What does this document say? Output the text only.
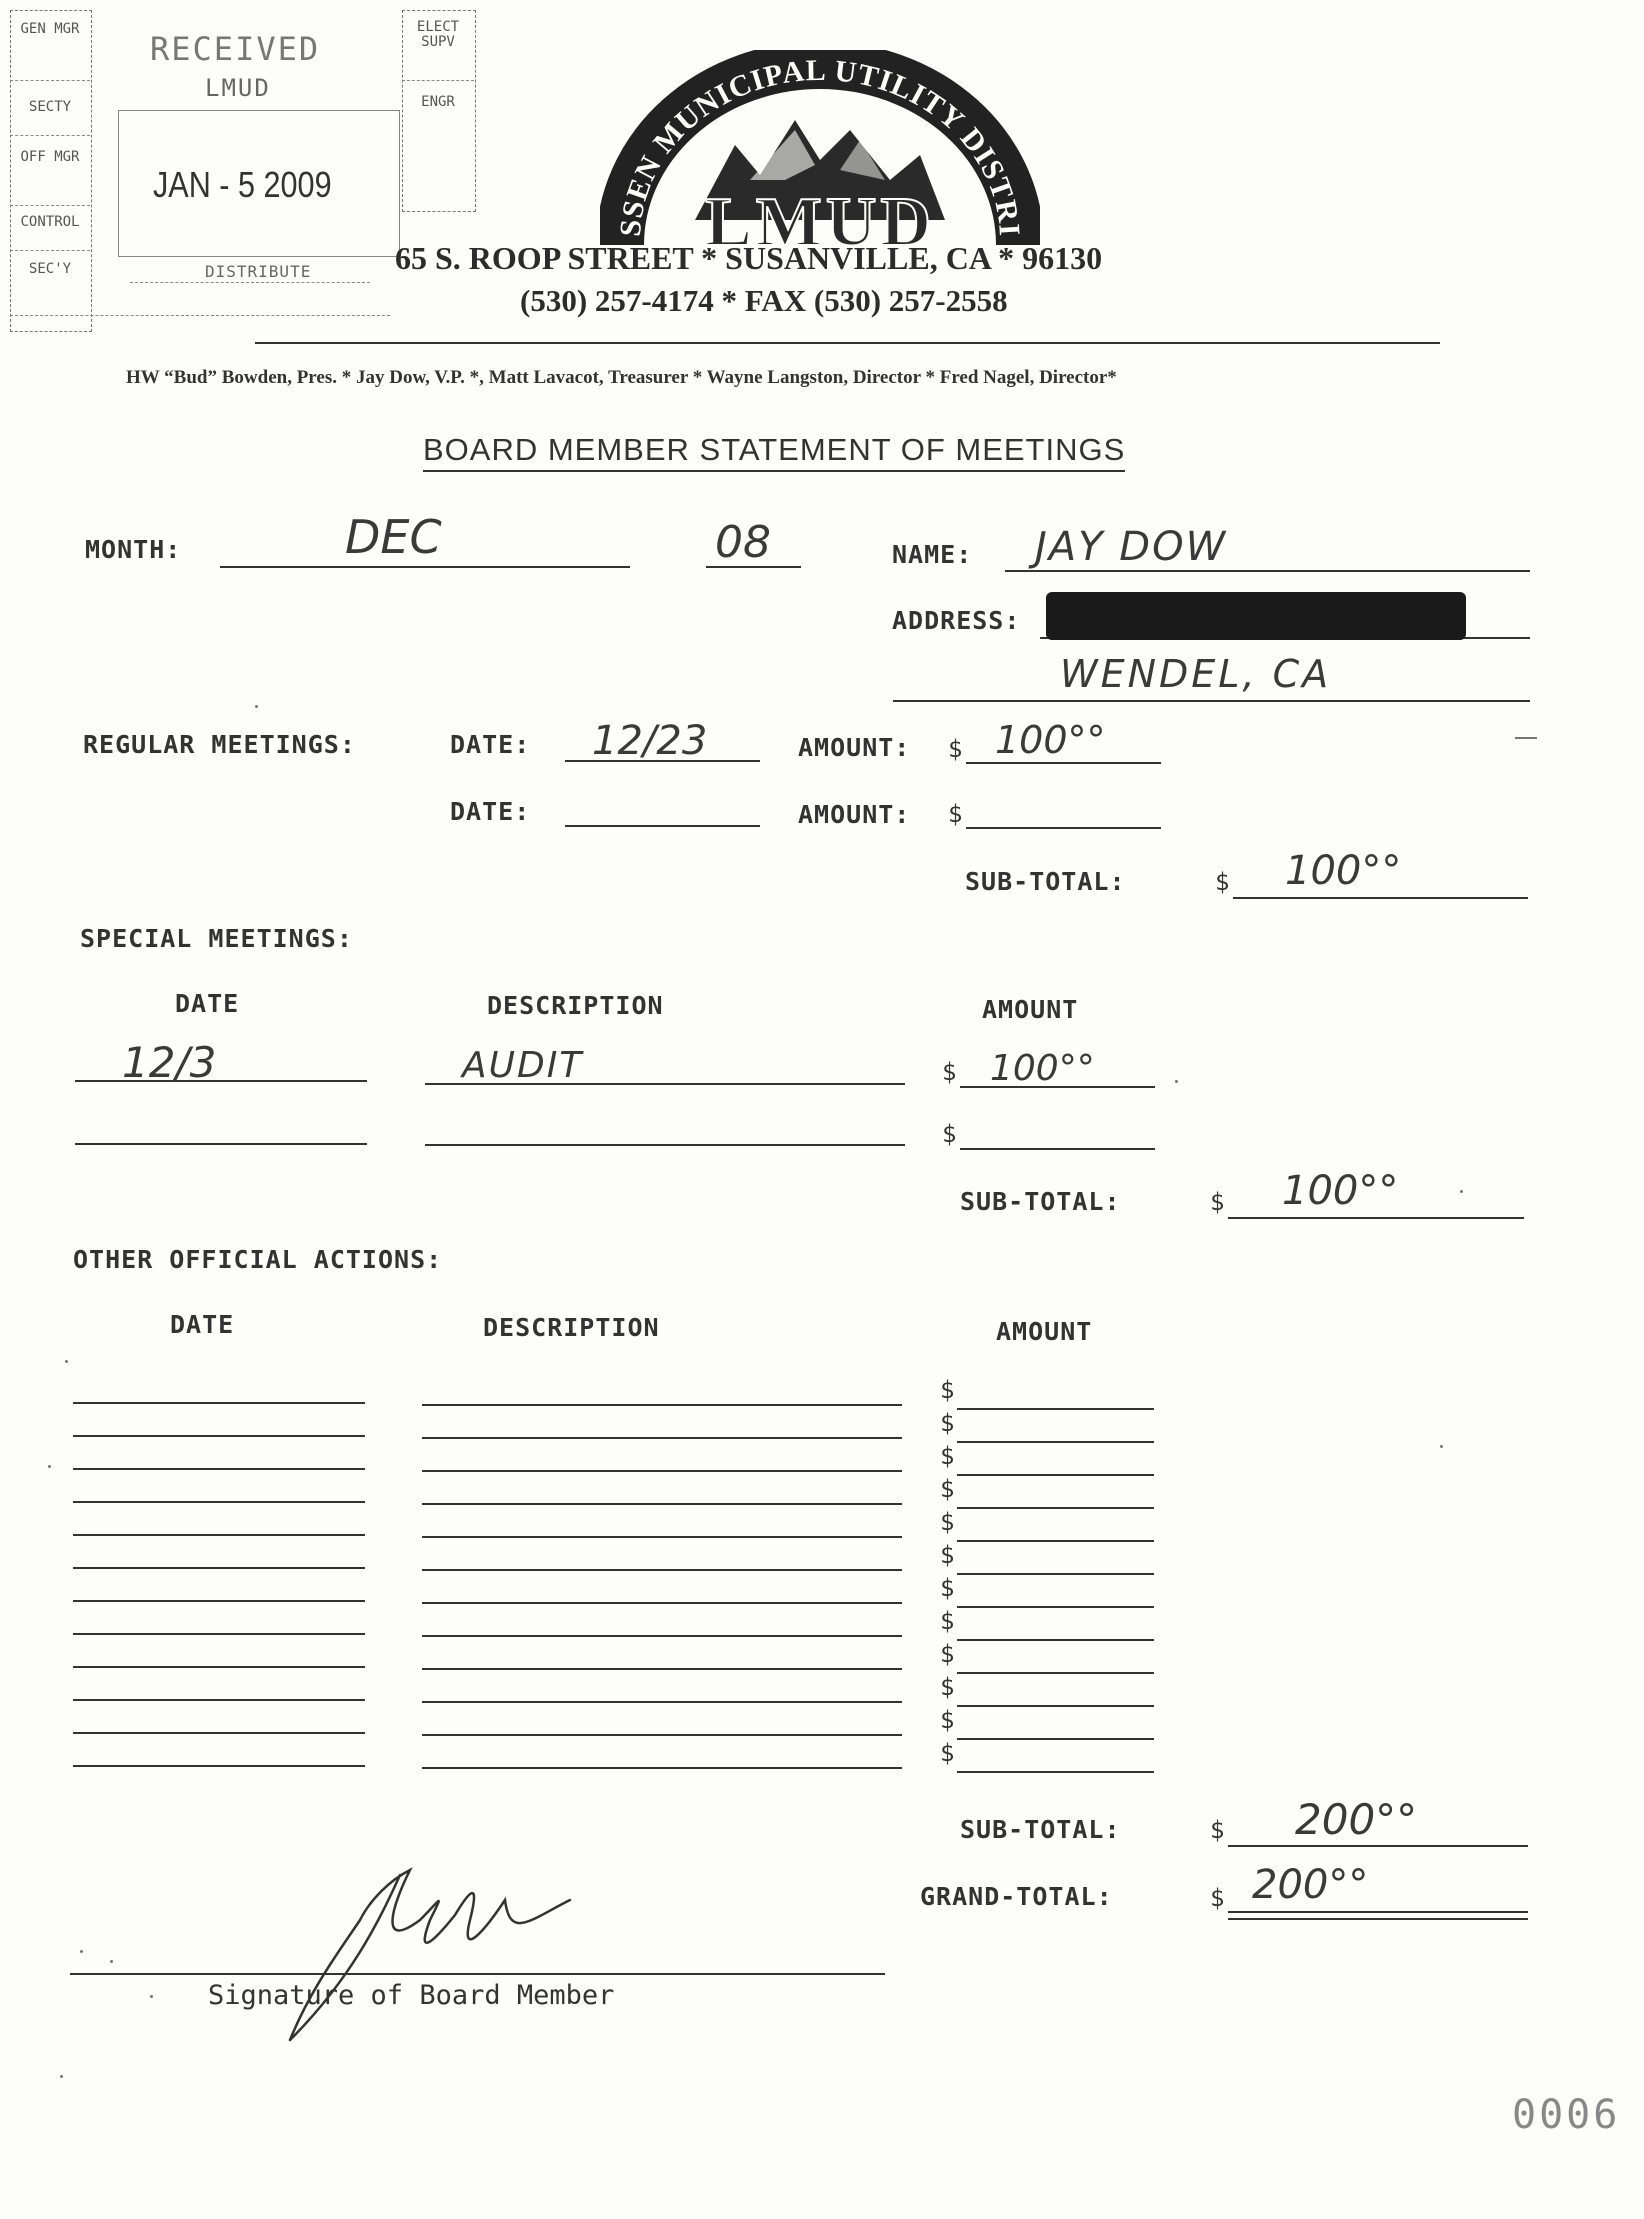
GEN MGR
SECTY
OFF MGR
CONTROL
SEC'Y
RECEIVED
LMUD
JAN - 5 2009
DISTRIBUTE
ELECT SUPV
ENGR
SSEN MUNICIPAL UTILITY DISTRI
LMUD
65 S. ROOP STREET * SUSANVILLE, CA * 96130
(530) 257-4174 * FAX (530) 257-2558
HW “Bud” Bowden, Pres. * Jay Dow, V.P. *, Matt Lavacot, Treasurer * Wayne Langston, Director * Fred Nagel, Director*
BOARD MEMBER STATEMENT OF MEETINGS
MONTH:	DEC	08	NAME: JAY DOW
ADDRESS:
WENDEL, CA
REGULAR MEETINGS:	DATE: 12/23	AMOUNT: $ 100°°
DATE:	AMOUNT: $
SUB-TOTAL:	$ 100°°
SPECIAL MEETINGS:
DATE	DESCRIPTION	AMOUNT
12/3	AUDIT	$ 100°°
$
SUB-TOTAL:	$ 100°°
OTHER OFFICIAL ACTIONS:
DATE	DESCRIPTION	AMOUNT
$
$
$
$
$
$
$
$
$
$
$
$
SUB-TOTAL:	$ 200°°
GRAND-TOTAL:	$ 200°°
Signature of Board Member
0006
